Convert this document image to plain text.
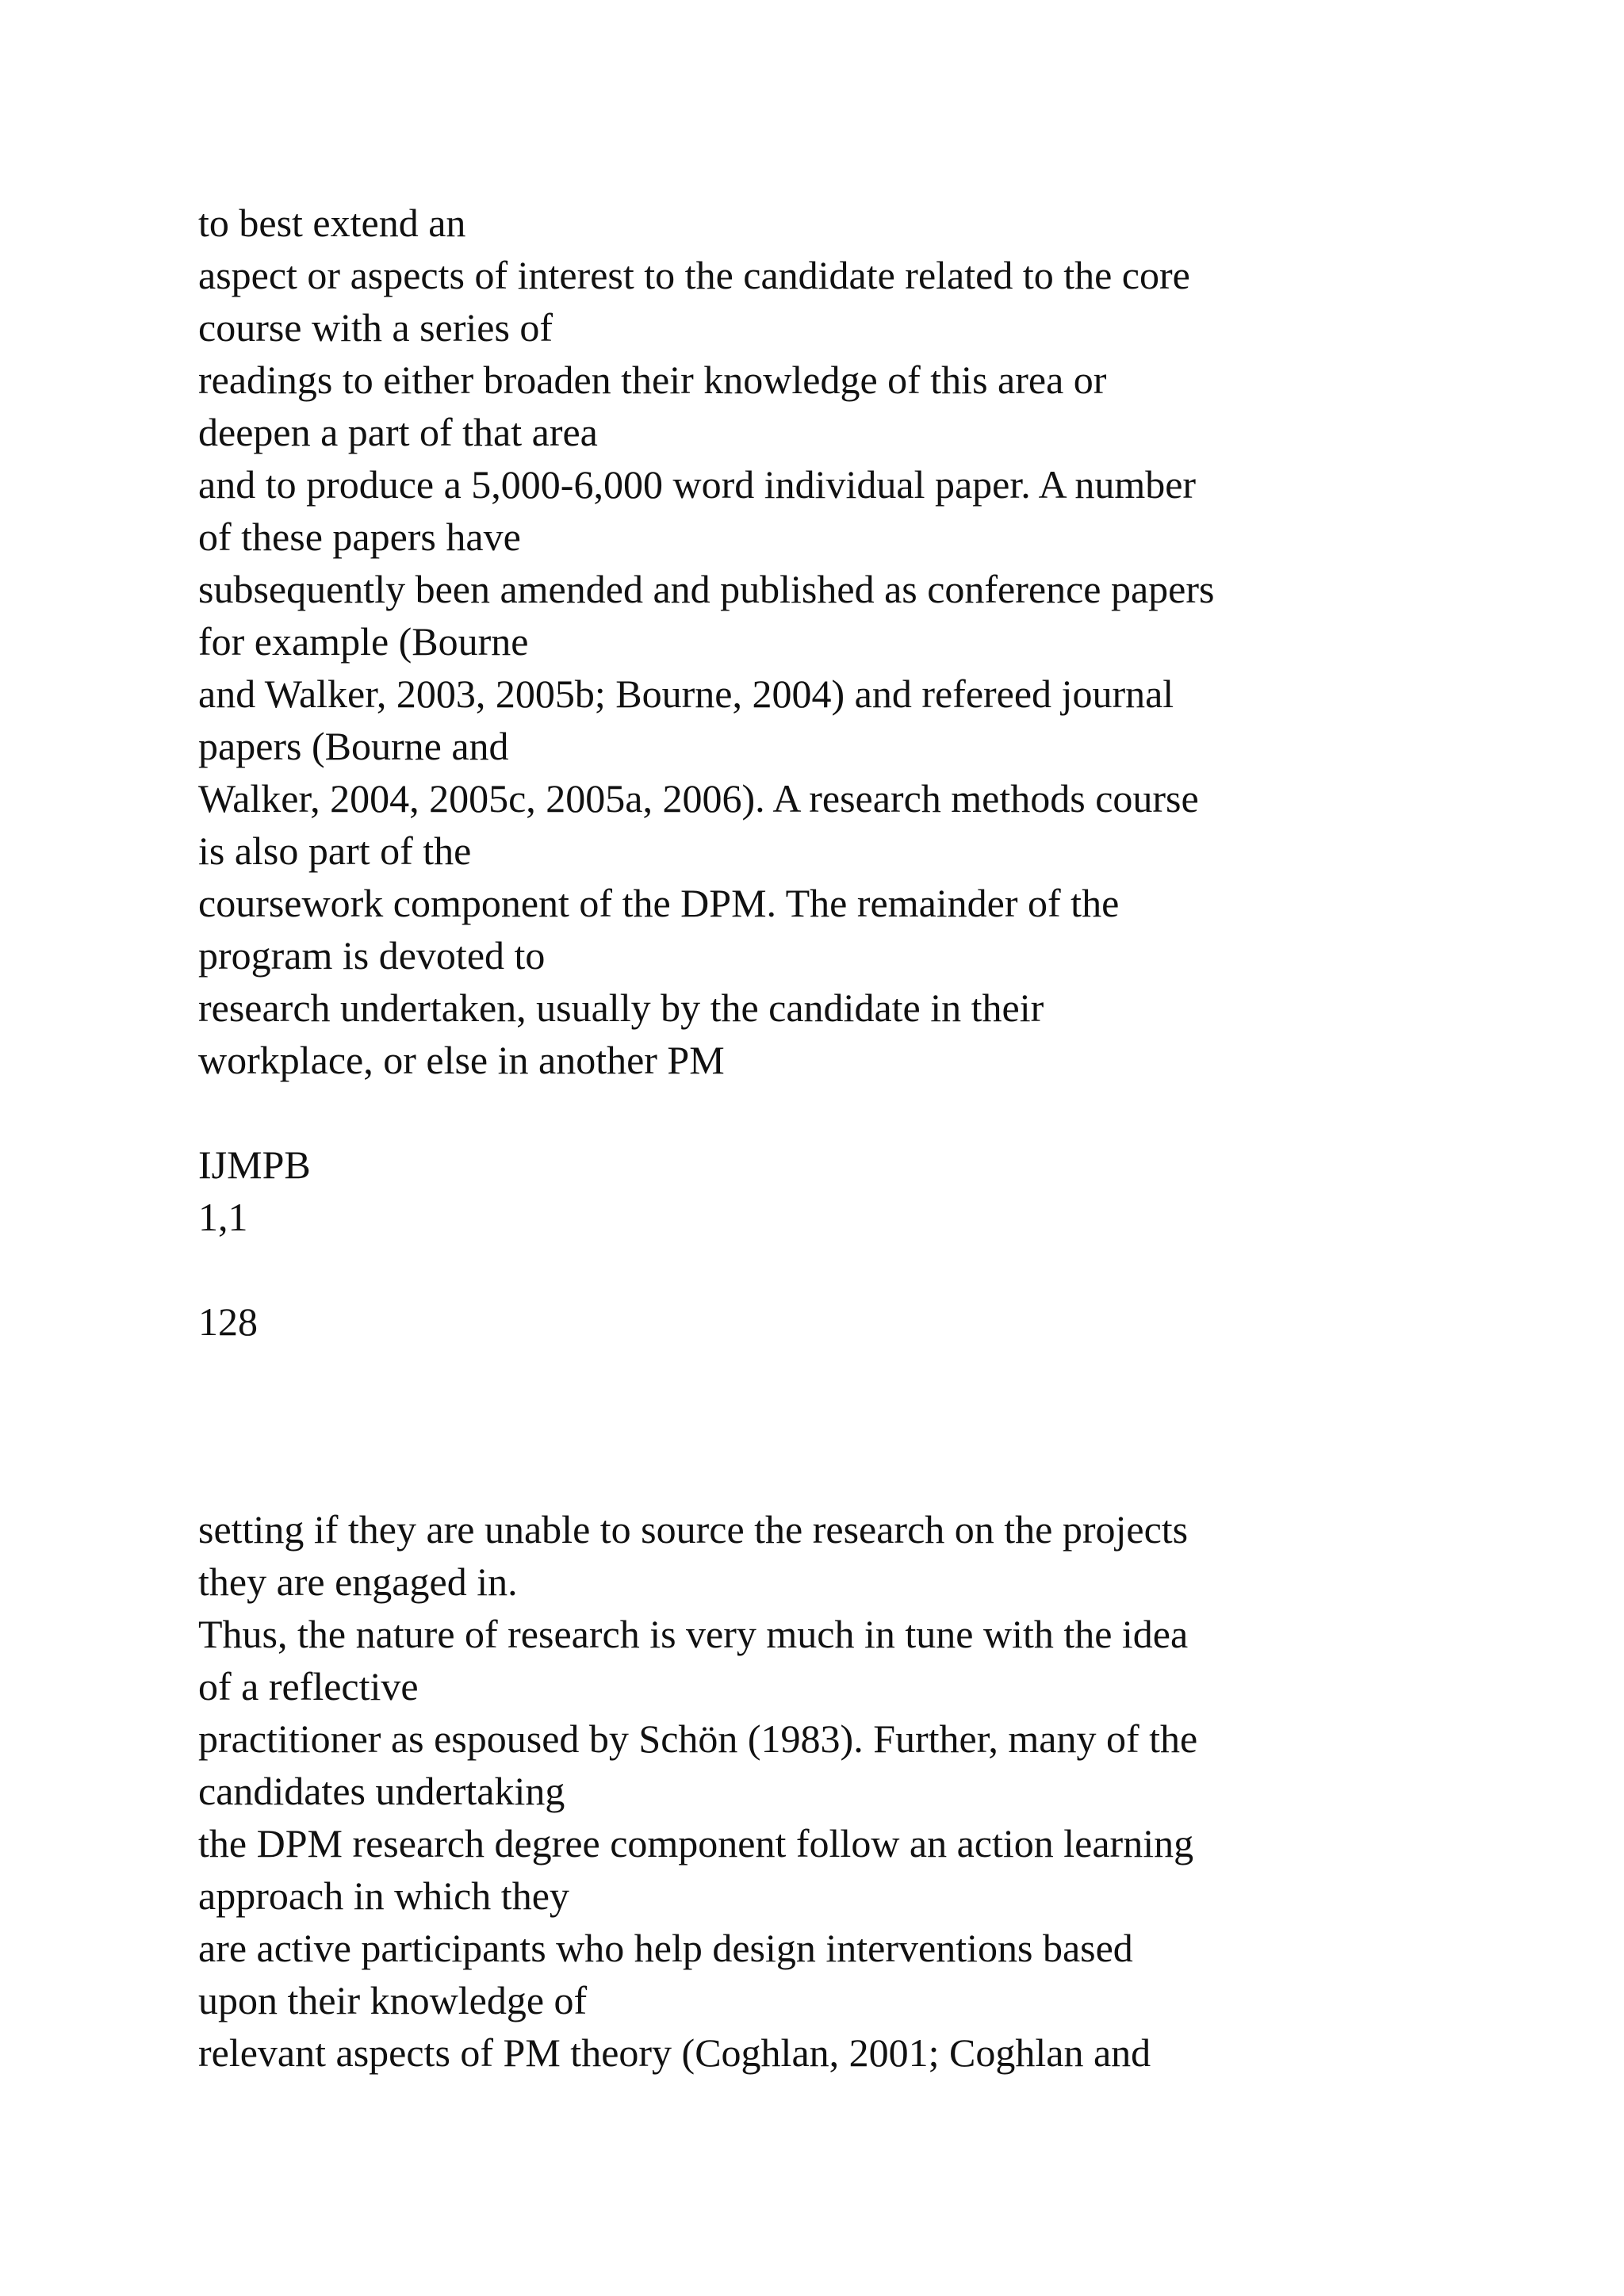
to best extend an

aspect or aspects of interest to the candidate related to the core

course with a series of

readings to either broaden their knowledge of this area or

deepen a part of that area

and to produce a 5,000-6,000 word individual paper. A number

of these papers have

subsequently been amended and published as conference papers

for example (Bourne

and Walker, 2003, 2005b; Bourne, 2004) and refereed journal

papers (Bourne and

Walker, 2004, 2005c, 2005a, 2006). A research methods course

is also part of the

coursework component of the DPM. The remainder of the

program is devoted to

research undertaken, usually by the candidate in their

workplace, or else in another PM

IJMPB

1,1

128

setting if they are unable to source the research on the projects

they are engaged in.

Thus, the nature of research is very much in tune with the idea

of a reflective

practitioner as espoused by Schön (1983). Further, many of the

candidates undertaking

the DPM research degree component follow an action learning

approach in which they

are active participants who help design interventions based

upon their knowledge of

relevant aspects of PM theory (Coghlan, 2001; Coghlan and
